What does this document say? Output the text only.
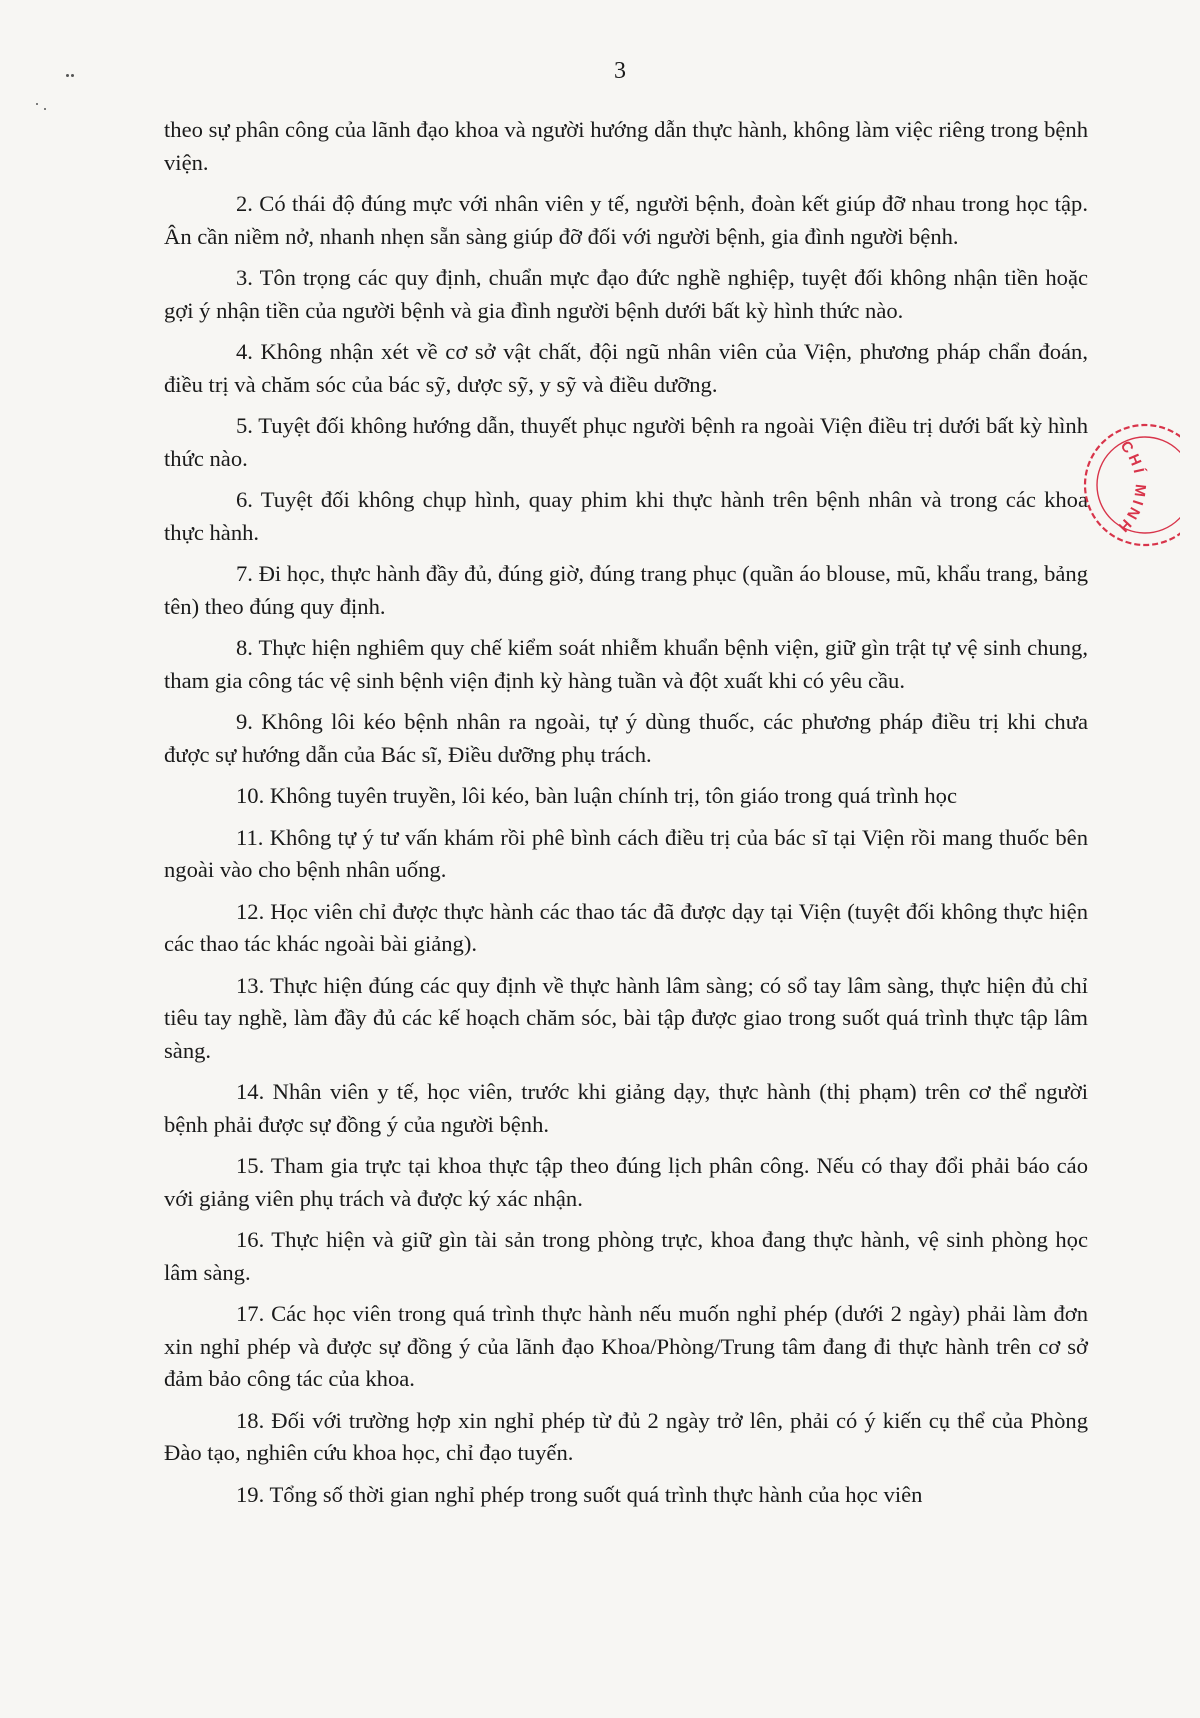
3

theo sự phân công của lãnh đạo khoa và người hướng dẫn thực hành, không làm việc riêng trong bệnh viện.

2. Có thái độ đúng mực với nhân viên y tế, người bệnh, đoàn kết giúp đỡ nhau trong học tập. Ân cần niềm nở, nhanh nhẹn sẵn sàng giúp đỡ đối với người bệnh, gia đình người bệnh.

3. Tôn trọng các quy định, chuẩn mực đạo đức nghề nghiệp, tuyệt đối không nhận tiền hoặc gợi ý nhận tiền của người bệnh và gia đình người bệnh dưới bất kỳ hình thức nào.

4. Không nhận xét về cơ sở vật chất, đội ngũ nhân viên của Viện, phương pháp chẩn đoán, điều trị và chăm sóc của bác sỹ, dược sỹ, y sỹ và điều dưỡng.

5. Tuyệt đối không hướng dẫn, thuyết phục người bệnh ra ngoài Viện điều trị dưới bất kỳ hình thức nào.

6. Tuyệt đối không chụp hình, quay phim khi thực hành trên bệnh nhân và trong các khoa thực hành.

7. Đi học, thực hành đầy đủ, đúng giờ, đúng trang phục (quần áo blouse, mũ, khẩu trang, bảng tên) theo đúng quy định.

8. Thực hiện nghiêm quy chế kiểm soát nhiễm khuẩn bệnh viện, giữ gìn trật tự vệ sinh chung, tham gia công tác vệ sinh bệnh viện định kỳ hàng tuần và đột xuất khi có yêu cầu.

9. Không lôi kéo bệnh nhân ra ngoài, tự ý dùng thuốc, các phương pháp điều trị khi chưa được sự hướng dẫn của Bác sĩ, Điều dưỡng phụ trách.

10. Không tuyên truyền, lôi kéo, bàn luận chính trị, tôn giáo trong quá trình học

11. Không tự ý tư vấn khám rồi phê bình cách điều trị của bác sĩ tại Viện rồi mang thuốc bên ngoài vào cho bệnh nhân uống.

12. Học viên chỉ được thực hành các thao tác đã được dạy tại Viện (tuyệt đối không thực hiện các thao tác khác ngoài bài giảng).

13. Thực hiện đúng các quy định về thực hành lâm sàng; có sổ tay lâm sàng, thực hiện đủ chỉ tiêu tay nghề, làm đầy đủ các kế hoạch chăm sóc, bài tập được giao trong suốt quá trình thực tập lâm sàng.

14. Nhân viên y tế, học viên, trước khi giảng dạy, thực hành (thị phạm) trên cơ thể người bệnh phải được sự đồng ý của người bệnh.

15. Tham gia trực tại khoa thực tập theo đúng lịch phân công. Nếu có thay đổi phải báo cáo với giảng viên phụ trách và được ký xác nhận.

16. Thực hiện và giữ gìn tài sản trong phòng trực, khoa đang thực hành, vệ sinh phòng học lâm sàng.

17. Các học viên trong quá trình thực hành nếu muốn nghỉ phép (dưới 2 ngày) phải làm đơn xin nghỉ phép và được sự đồng ý của lãnh đạo Khoa/Phòng/Trung tâm đang đi thực hành trên cơ sở đảm bảo công tác của khoa.

18. Đối với trường hợp xin nghỉ phép từ đủ 2 ngày trở lên, phải có ý kiến cụ thể của Phòng Đào tạo, nghiên cứu khoa học, chỉ đạo tuyến.

19. Tổng số thời gian nghỉ phép trong suốt quá trình thực hành của học viên

CHÍ MINH
